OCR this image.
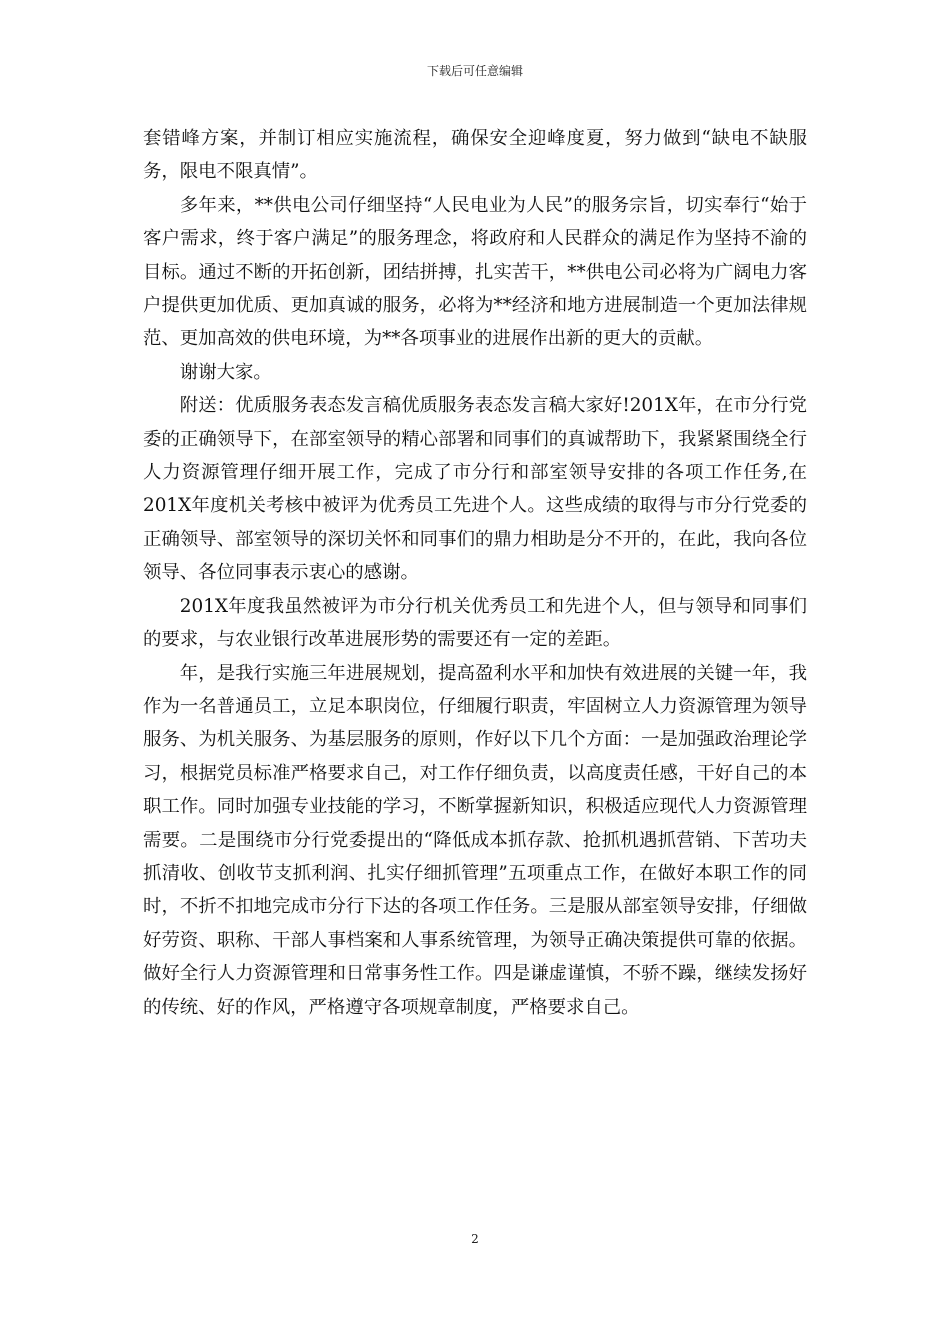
下载后可任意编辑

套错峰方案，并制订相应实施流程，确保安全迎峰度夏，努力做到“缺电不缺服务，限电不限真情”。

多年来，**供电公司仔细坚持“人民电业为人民”的服务宗旨，切实奉行“始于客户需求，终于客户满足”的服务理念，将政府和人民群众的满足作为坚持不渝的目标。通过不断的开拓创新，团结拼搏，扎实苦干，**供电公司必将为广阔电力客户提供更加优质、更加真诚的服务，必将为**经济和地方进展制造一个更加法律规范、更加高效的供电环境，为**各项事业的进展作出新的更大的贡献。

谢谢大家。

附送：优质服务表态发言稿优质服务表态发言稿大家好!201X年，在市分行党委的正确领导下，在部室领导的精心部署和同事们的真诚帮助下，我紧紧围绕全行人力资源管理仔细开展工作，完成了市分行和部室领导安排的各项工作任务,在201X年度机关考核中被评为优秀员工先进个人。这些成绩的取得与市分行党委的正确领导、部室领导的深切关怀和同事们的鼎力相助是分不开的，在此，我向各位领导、各位同事表示衷心的感谢。

201X年度我虽然被评为市分行机关优秀员工和先进个人，但与领导和同事们的要求，与农业银行改革进展形势的需要还有一定的差距。

年，是我行实施三年进展规划，提高盈利水平和加快有效进展的关键一年，我作为一名普通员工，立足本职岗位，仔细履行职责，牢固树立人力资源管理为领导服务、为机关服务、为基层服务的原则，作好以下几个方面：一是加强政治理论学习，根据党员标准严格要求自己，对工作仔细负责，以高度责任感，干好自己的本职工作。同时加强专业技能的学习，不断掌握新知识，积极适应现代人力资源管理需要。二是围绕市分行党委提出的“降低成本抓存款、抢抓机遇抓营销、下苦功夫抓清收、创收节支抓利润、扎实仔细抓管理”五项重点工作，在做好本职工作的同时，不折不扣地完成市分行下达的各项工作任务。三是服从部室领导安排，仔细做好劳资、职称、干部人事档案和人事系统管理，为领导正确决策提供可靠的依据。做好全行人力资源管理和日常事务性工作。四是谦虚谨慎，不骄不躁，继续发扬好的传统、好的作风，严格遵守各项规章制度，严格要求自己。

2
